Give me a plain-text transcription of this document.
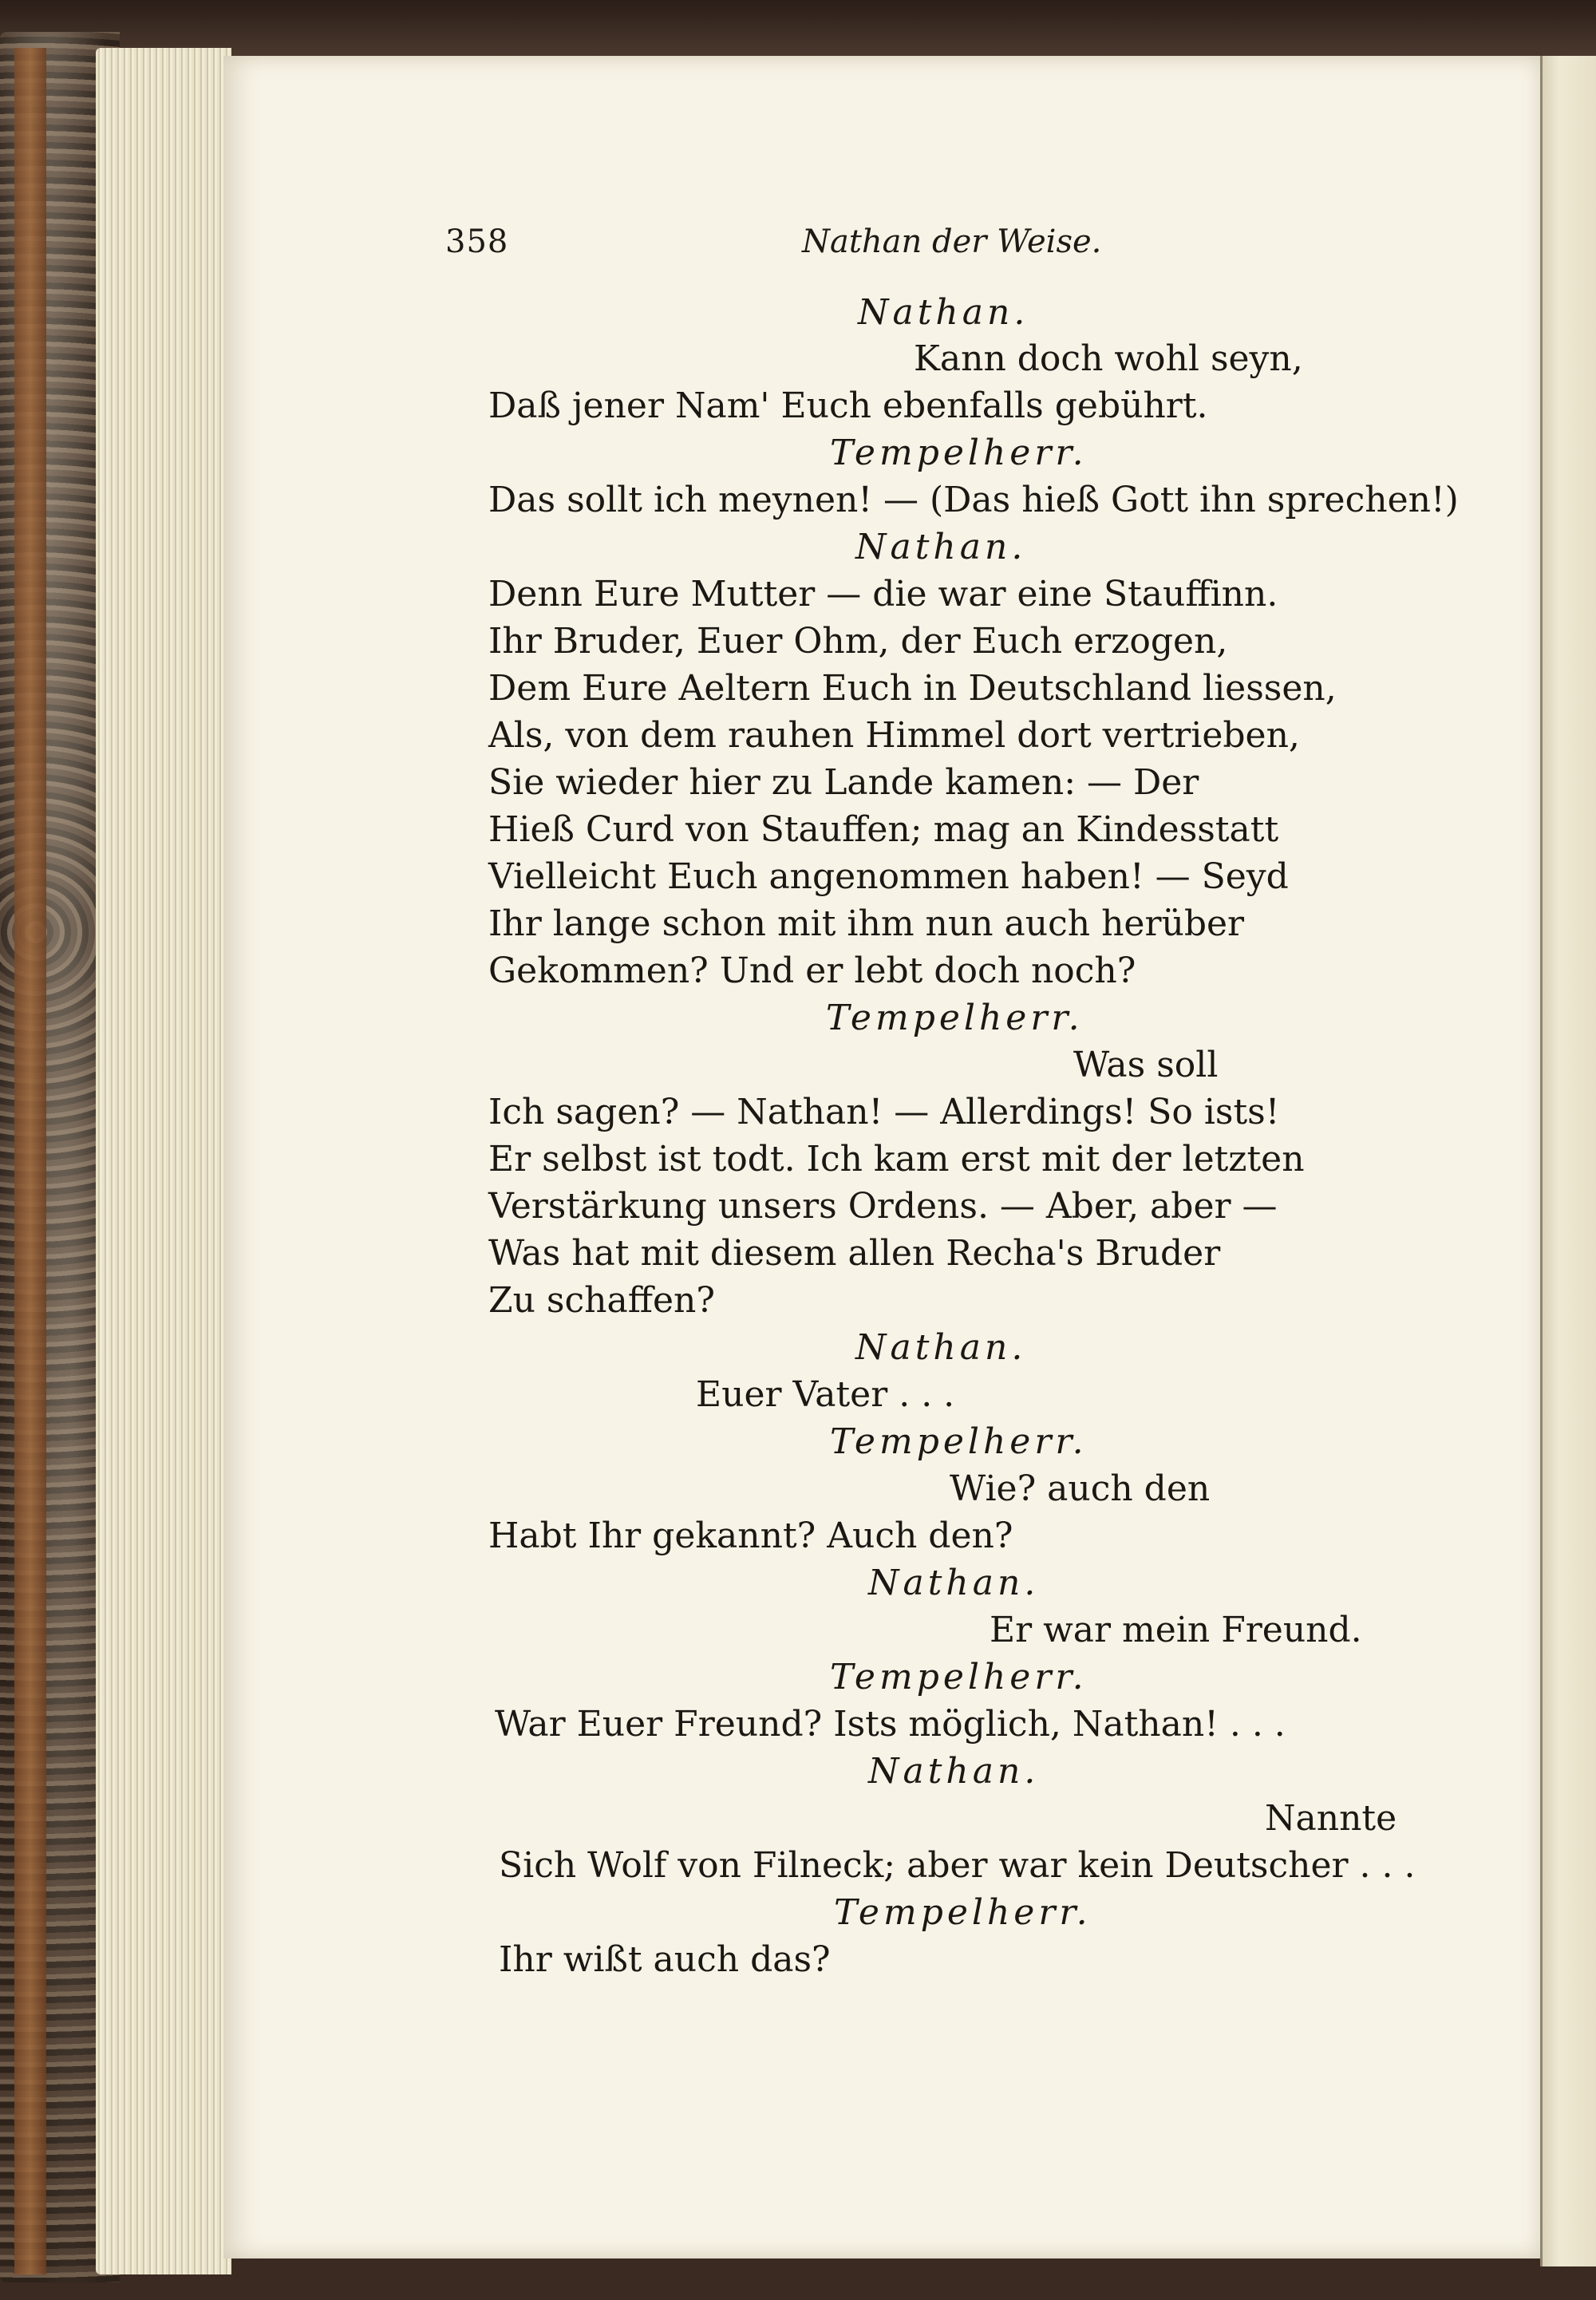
358	Nathan der Weise.
Nathan.
Kann doch wohl seyn,
Daß jener Nam' Euch ebenfalls gebührt.
Tempelherr.
Das sollt ich meynen! — (Das hieß Gott ihn sprechen!)
Nathan.
Denn Eure Mutter — die war eine Stauffinn.
Ihr Bruder, Euer Ohm, der Euch erzogen,
Dem Eure Aeltern Euch in Deutschland liessen,
Als, von dem rauhen Himmel dort vertrieben,
Sie wieder hier zu Lande kamen: — Der
Hieß Curd von Stauffen; mag an Kindesstatt
Vielleicht Euch angenommen haben! — Seyd
Ihr lange schon mit ihm nun auch herüber
Gekommen? Und er lebt doch noch?
Tempelherr.
Was soll
Ich sagen? — Nathan! — Allerdings! So ists!
Er selbst ist todt. Ich kam erst mit der letzten
Verstärkung unsers Ordens. — Aber, aber —
Was hat mit diesem allen Recha's Bruder
Zu schaffen?
Nathan.
Euer Vater . . .
Tempelherr.
Wie? auch den
Habt Ihr gekannt? Auch den?
Nathan.
Er war mein Freund.
Tempelherr.
War Euer Freund? Ists möglich, Nathan! . . .
Nathan.
Nannte
Sich Wolf von Filneck; aber war kein Deutscher . . .
Tempelherr.
Ihr wißt auch das?
